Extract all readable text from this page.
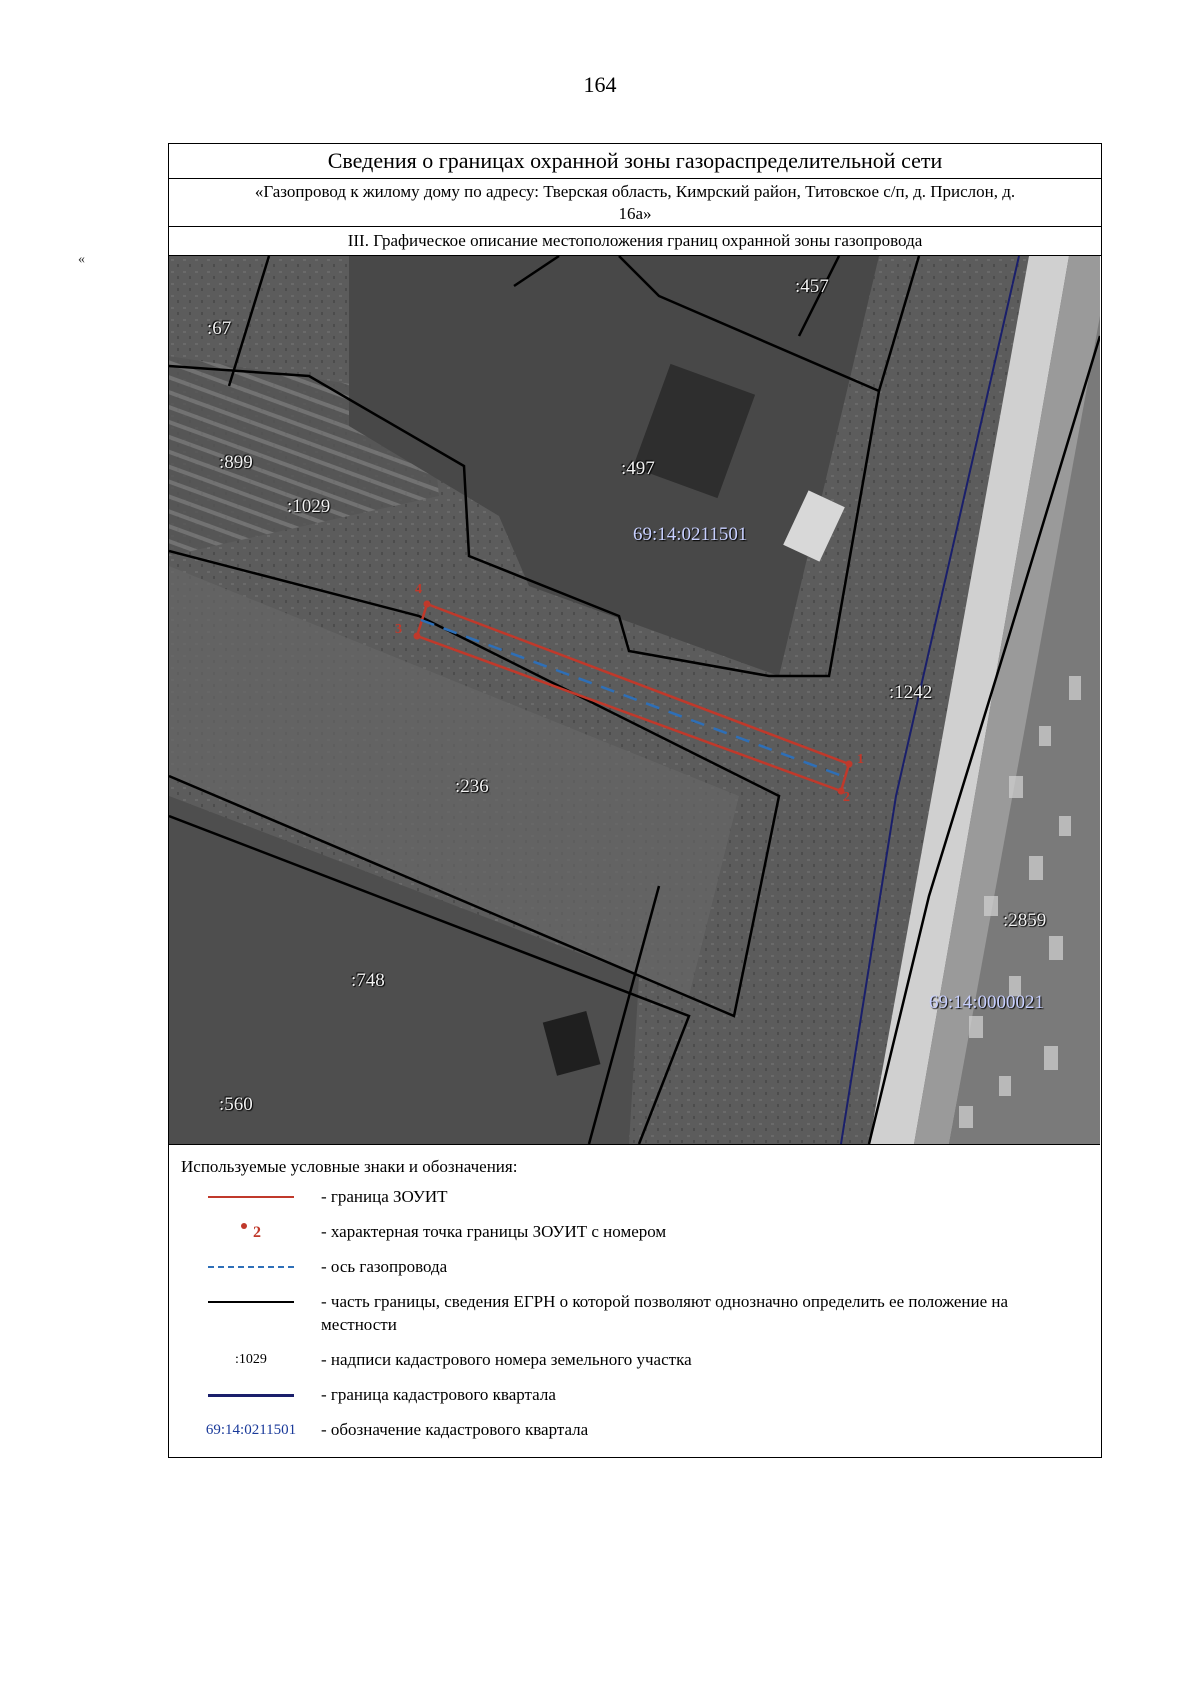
164
«
Сведения о границах охранной зоны газораспределительной сети
«Газопровод к жилому дому по адресу: Тверская область, Кимрский район, Титовское с/п, д. Прислон, д.
16а»
III. Графическое описание местоположения границ охранной зоны газопровода
:457
:67
:899	:497
:1029
:1242
:236
:2859
:748
:560
69:14:0211501
69:14:0000021
1
2
3
4
Используемые условные знаки и обозначения:
- граница ЗОУИТ
2	- характерная точка границы ЗОУИТ с номером
- ось газопровода
- часть границы, сведения ЕГРН о которой позволяют однозначно определить ее положение на местности
:1029	- надписи кадастрового номера земельного участка
- граница кадастрового квартала
69:14:0211501 - обозначение кадастрового квартала
